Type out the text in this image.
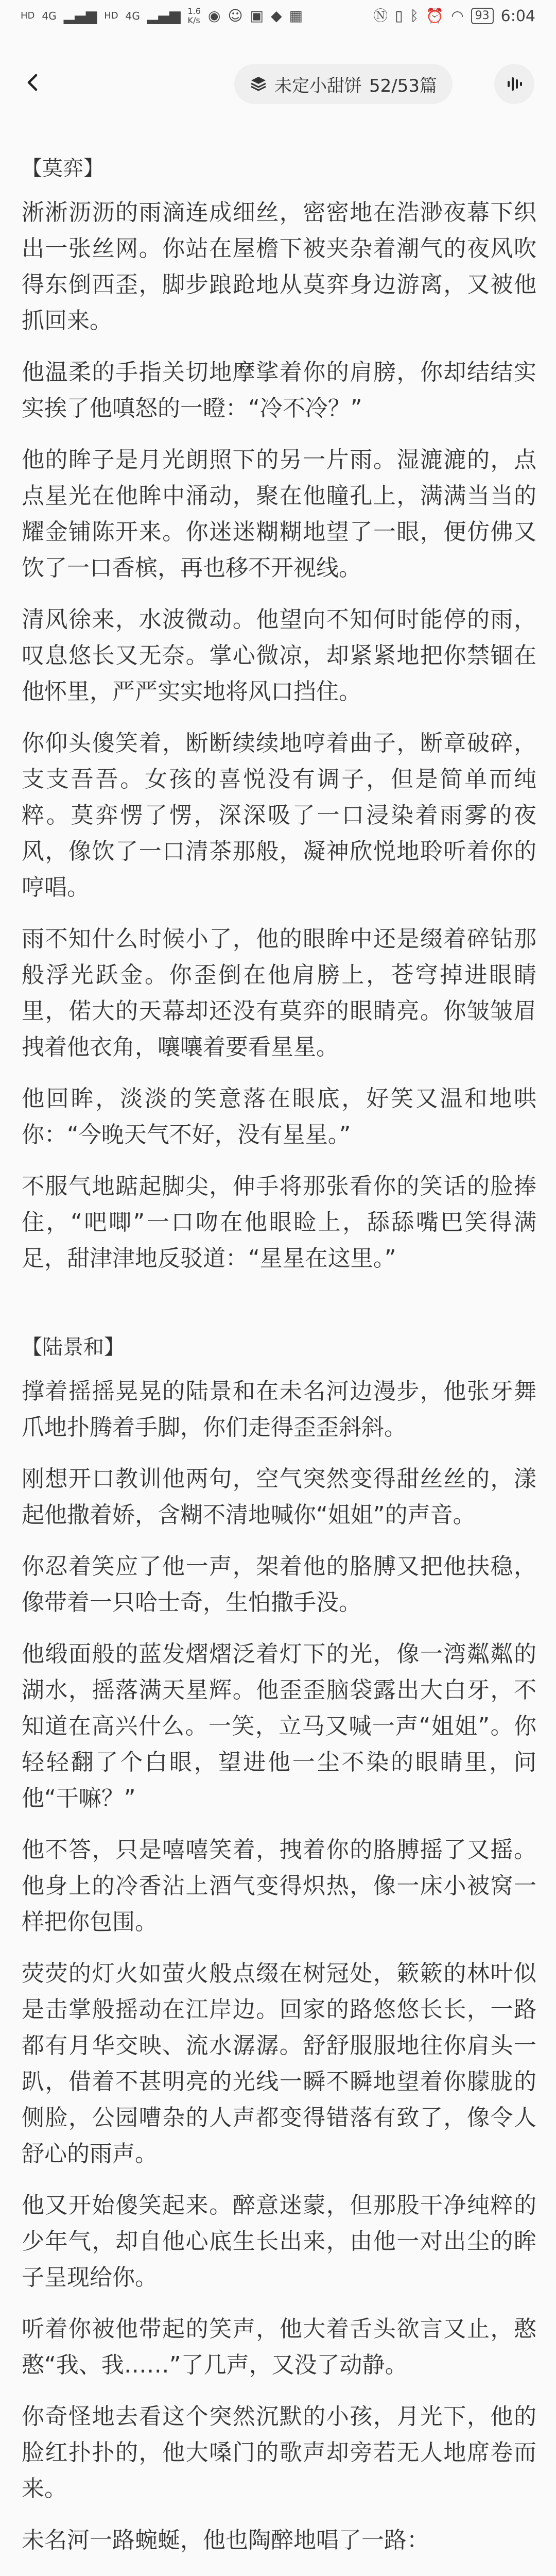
HD 4G ▂▄▆ HD 4G ▂▄▆ 1.6
K/s ◉ ☺ ▣ ◆ ▦	Ⓝ ▯ ᛒ ⏰ ◠	93 6:04
未定小甜饼 52/53篇
【莫弈】

淅淅沥沥的雨滴连成细丝，密密地在浩渺夜幕下织出一张丝网。你站在屋檐下被夹杂着潮气的夜风吹得东倒西歪，脚步踉跄地从莫弈身边游离，又被他抓回来。

他温柔的手指关切地摩挲着你的肩膀，你却结结实实挨了他嗔怒的一瞪：“冷不冷？”

他的眸子是月光朗照下的另一片雨。湿漉漉的，点点星光在他眸中涌动，聚在他瞳孔上，满满当当的耀金铺陈开来。你迷迷糊糊地望了一眼，便仿佛又饮了一口香槟，再也移不开视线。

清风徐来，水波微动。他望向不知何时能停的雨，叹息悠长又无奈。掌心微凉，却紧紧地把你禁锢在他怀里，严严实实地将风口挡住。

你仰头傻笑着，断断续续地哼着曲子，断章破碎，支支吾吾。女孩的喜悦没有调子，但是简单而纯粹。莫弈愣了愣，深深吸了一口浸染着雨雾的夜风，像饮了一口清茶那般，凝神欣悦地聆听着你的哼唱。

雨不知什么时候小了，他的眼眸中还是缀着碎钻那般浮光跃金。你歪倒在他肩膀上，苍穹掉进眼睛里，偌大的天幕却还没有莫弈的眼睛亮。你皱皱眉拽着他衣角，嚷嚷着要看星星。

他回眸，淡淡的笑意落在眼底，好笑又温和地哄你：“今晚天气不好，没有星星。”

不服气地踮起脚尖，伸手将那张看你的笑话的脸捧住，“吧唧”一口吻在他眼睑上，舔舔嘴巴笑得满足，甜津津地反驳道：“星星在这里。”

【陆景和】

撑着摇摇晃晃的陆景和在未名河边漫步，他张牙舞爪地扑腾着手脚，你们走得歪歪斜斜。

刚想开口教训他两句，空气突然变得甜丝丝的，漾起他撒着娇，含糊不清地喊你“姐姐”的声音。

你忍着笑应了他一声，架着他的胳膊又把他扶稳，像带着一只哈士奇，生怕撒手没。

他缎面般的蓝发熠熠泛着灯下的光，像一湾粼粼的湖水，摇落满天星辉。他歪歪脑袋露出大白牙，不知道在高兴什么。一笑，立马又喊一声“姐姐”。你轻轻翻了个白眼，望进他一尘不染的眼睛里，问他“干嘛？”

他不答，只是嘻嘻笑着，拽着你的胳膊摇了又摇。他身上的冷香沾上酒气变得炽热，像一床小被窝一样把你包围。

荧荧的灯火如萤火般点缀在树冠处，簌簌的林叶似是击掌般摇动在江岸边。回家的路悠悠长长，一路都有月华交映、流水潺潺。舒舒服服地往你肩头一趴，借着不甚明亮的光线一瞬不瞬地望着你朦胧的侧脸，公园嘈杂的人声都变得错落有致了，像令人舒心的雨声。

他又开始傻笑起来。醉意迷蒙，但那股干净纯粹的少年气，却自他心底生长出来，由他一对出尘的眸子呈现给你。

听着你被他带起的笑声，他大着舌头欲言又止，憨憨“我、我……”了几声，又没了动静。

你奇怪地去看这个突然沉默的小孩，月光下，他的脸红扑扑的，他大嗓门的歌声却旁若无人地席卷而来。

未名河一路蜿蜒，他也陶醉地唱了一路：
